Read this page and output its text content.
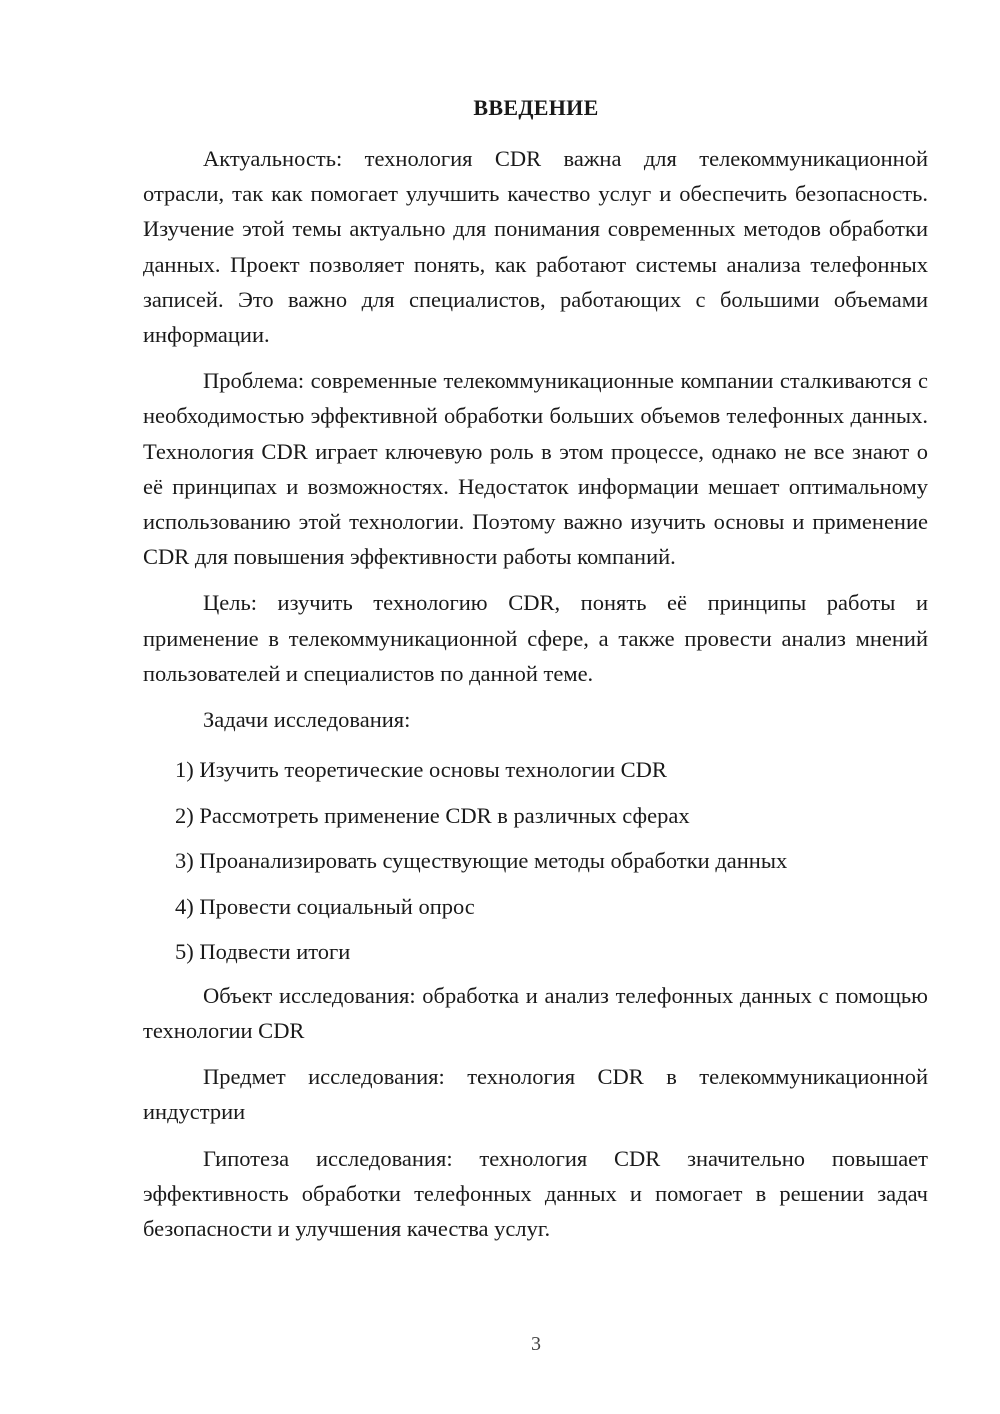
ВВЕДЕНИЕ

Актуальность: технология CDR важна для телекоммуникационной отрасли, так как помогает улучшить качество услуг и обеспечить безопасность. Изучение этой темы актуально для понимания современных методов обработки данных. Проект позволяет понять, как работают системы анализа телефонных записей. Это важно для специалистов, работающих с большими объемами информации.

Проблема: современные телекоммуникационные компании сталкиваются с необходимостью эффективной обработки больших объемов телефонных данных. Технология CDR играет ключевую роль в этом процессе, однако не все знают о её принципах и возможностях. Недостаток информации мешает оптимальному использованию этой технологии. Поэтому важно изучить основы и применение CDR для повышения эффективности работы компаний.

Цель: изучить технологию CDR, понять её принципы работы и применение в телекоммуникационной сфере, а также провести анализ мнений пользователей и специалистов по данной теме.

Задачи исследования:

1) Изучить теоретические основы технологии CDR

2) Рассмотреть применение CDR в различных сферах

3) Проанализировать существующие методы обработки данных

4) Провести социальный опрос

5) Подвести итоги

Объект исследования: обработка и анализ телефонных данных с помощью технологии CDR

Предмет исследования: технология CDR в телекоммуникационной индустрии

Гипотеза исследования: технология CDR значительно повышает эффективность обработки телефонных данных и помогает в решении задач безопасности и улучшения качества услуг.

3
